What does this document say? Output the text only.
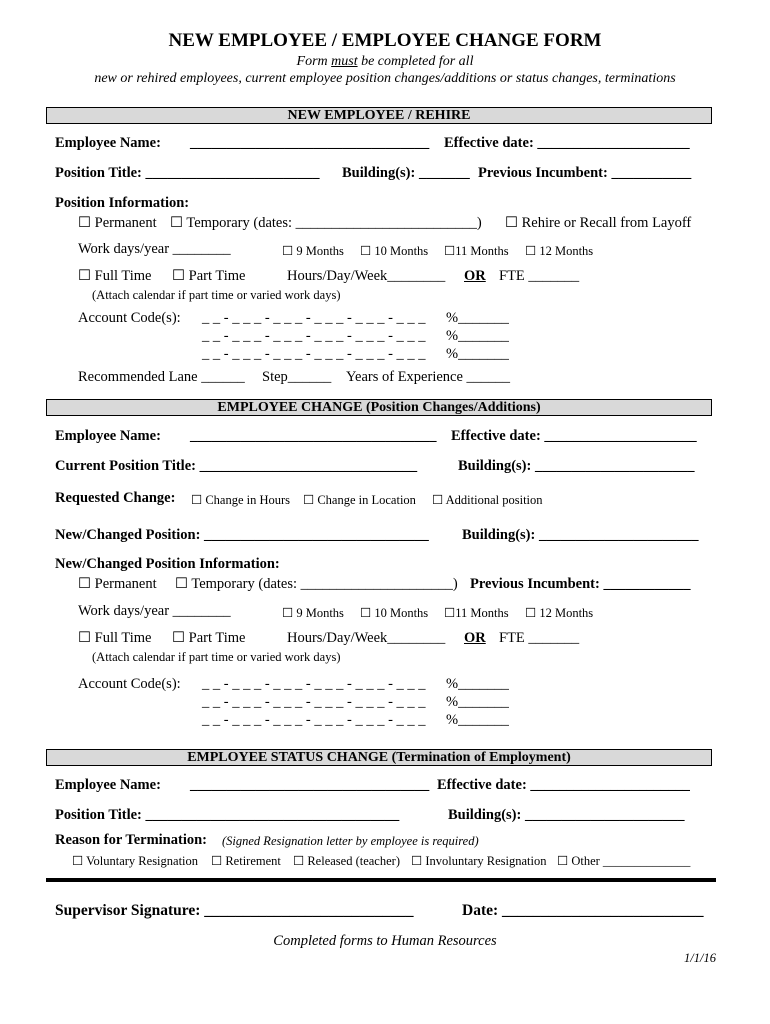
NEW EMPLOYEE / EMPLOYEE CHANGE FORM
Form must be completed for all
new or rehired employees, current employee position changes/additions or status changes, terminations
NEW EMPLOYEE / REHIRE
Employee Name: _________________________________ Effective date: _____________________
Position Title: ________________________ Building(s): _______ Previous Incumbent: ___________
Position Information:
☐ Permanent ☐ Temporary (dates: _________________________) ☐ Rehire or Recall from Layoff
Work days/year ________	☐ 9 Months ☐ 10 Months ☐11 Months ☐ 12 Months
☐ Full Time ☐ Part Time	Hours/Day/Week________ OR FTE _______
(Attach calendar if part time or varied work days)
Account Code(s): _ _ - _ _ _ - _ _ _ - _ _ _ - _ _ _ - _ _ _ %_______
_ _ - _ _ _ - _ _ _ - _ _ _ - _ _ _ - _ _ _ %_______
_ _ - _ _ _ - _ _ _ - _ _ _ - _ _ _ - _ _ _ %_______
Recommended Lane ______ Step______ Years of Experience ______
EMPLOYEE CHANGE (Position Changes/Additions)
Employee Name: __________________________________ Effective date: _____________________
Current Position Title: ______________________________	Building(s): ______________________
Requested Change: ☐ Change in Hours ☐ Change in Location ☐ Additional position
New/Changed Position: _______________________________ Building(s): ______________________
New/Changed Position Information:
☐ Permanent ☐ Temporary (dates: _____________________) Previous Incumbent: ____________
Work days/year ________	☐ 9 Months ☐ 10 Months ☐11 Months ☐ 12 Months
☐ Full Time ☐ Part Time	Hours/Day/Week________ OR FTE _______
(Attach calendar if part time or varied work days)
Account Code(s): _ _ - _ _ _ - _ _ _ - _ _ _ - _ _ _ - _ _ _ %_______
_ _ - _ _ _ - _ _ _ - _ _ _ - _ _ _ - _ _ _ %_______
_ _ - _ _ _ - _ _ _ - _ _ _ - _ _ _ - _ _ _ %_______
EMPLOYEE STATUS CHANGE (Termination of Employment)
Employee Name: _________________________________ Effective date: ______________________
Position Title: ___________________________________	Building(s): ______________________
Reason for Termination: (Signed Resignation letter by employee is required)
☐ Voluntary Resignation ☐ Retirement ☐ Released (teacher) ☐ Involuntary Resignation ☐ Other ______________
Supervisor Signature: ___________________________	Date: __________________________
Completed forms to Human Resources
1/1/16
